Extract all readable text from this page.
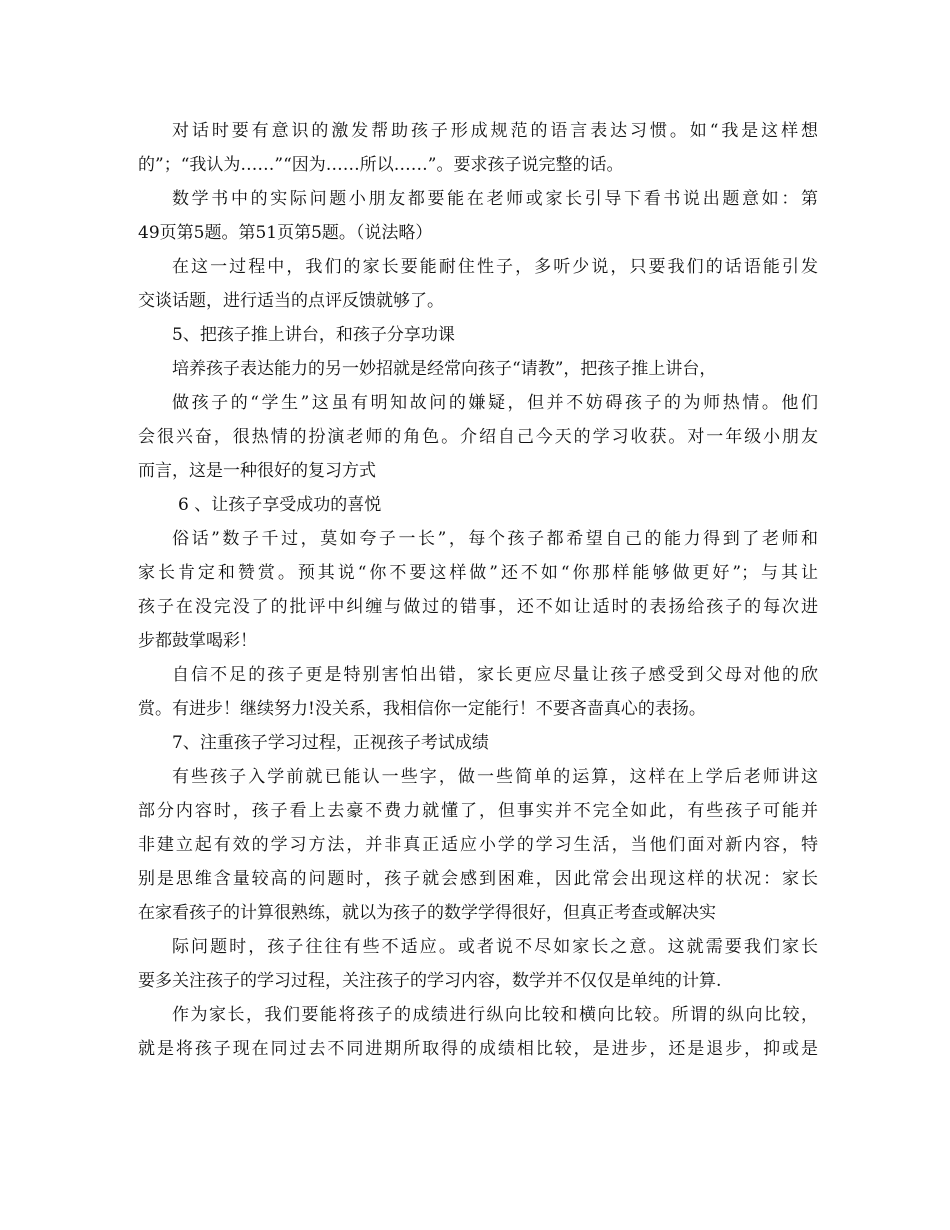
对话时要有意识的激发帮助孩子形成规范的语言表达习惯。如“我是这样想
的”；“我认为……”“因为……所以……”。要求孩子说完整的话。
数学书中的实际问题小朋友都要能在老师或家长引导下看书说出题意如：第
49页第5题。第51页第5题。（说法略）
在这一过程中，我们的家长要能耐住性子，多听少说，只要我们的话语能引发
交谈话题，进行适当的点评反馈就够了。
5、把孩子推上讲台，和孩子分享功课
培养孩子表达能力的另一妙招就是经常向孩子“请教”，把孩子推上讲台，
做孩子的“学生”这虽有明知故问的嫌疑，但并不妨碍孩子的为师热情。他们
会很兴奋，很热情的扮演老师的角色。介绍自己今天的学习收获。对一年级小朋友
而言，这是一种很好的复习方式
6 、让孩子享受成功的喜悦
俗话”数子千过，莫如夸子一长”，每个孩子都希望自己的能力得到了老师和
家长肯定和赞赏。预其说“你不要这样做”还不如“你那样能够做更好”；与其让
孩子在没完没了的批评中纠缠与做过的错事，还不如让适时的表扬给孩子的每次进
步都鼓掌喝彩！
自信不足的孩子更是特别害怕出错，家长更应尽量让孩子感受到父母对他的欣
赏。有进步！继续努力!没关系，我相信你一定能行！不要吝啬真心的表扬。
7、注重孩子学习过程，正视孩子考试成绩
有些孩子入学前就已能认一些字，做一些简单的运算，这样在上学后老师讲这
部分内容时，孩子看上去豪不费力就懂了，但事实并不完全如此，有些孩子可能并
非建立起有效的学习方法，并非真正适应小学的学习生活，当他们面对新内容，特
别是思维含量较高的问题时，孩子就会感到困难，因此常会出现这样的状况：家长
在家看孩子的计算很熟练，就以为孩子的数学学得很好，但真正考查或解决实
际问题时，孩子往往有些不适应。或者说不尽如家长之意。这就需要我们家长
要多关注孩子的学习过程，关注孩子的学习内容，数学并不仅仅是单纯的计算.
作为家长，我们要能将孩子的成绩进行纵向比较和横向比较。所谓的纵向比较，
就是将孩子现在同过去不同进期所取得的成绩相比较，是进步，还是退步，抑或是
